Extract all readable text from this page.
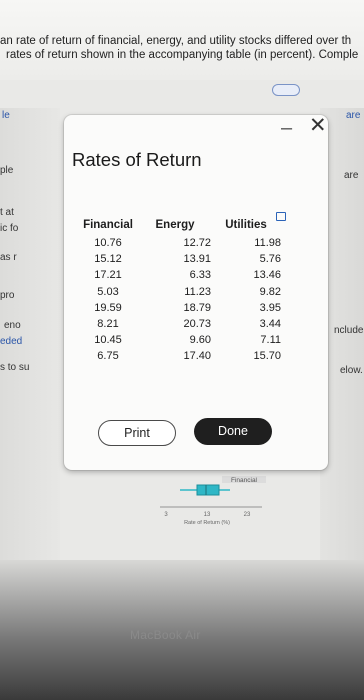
an rate of return of financial, energy, and utility stocks differed over th
rates of return shown in the accompanying table (in percent). Comple
le
ple
t at
ic fo
as r
pro
eno
eded
s to su
are
are
nclude
elow.
MacBook Air
Financial
3	13	23
Rate of Return (%)
Rates of Return
– ✕
Financial	Energy	Utilities
10.76	12.72	11.98
15.12	13.91	5.76
17.21	6.33	13.46
5.03	11.23	9.82
19.59	18.79	3.95
8.21	20.73	3.44
10.45	9.60	7.11
6.75	17.40	15.70
Print	Done
